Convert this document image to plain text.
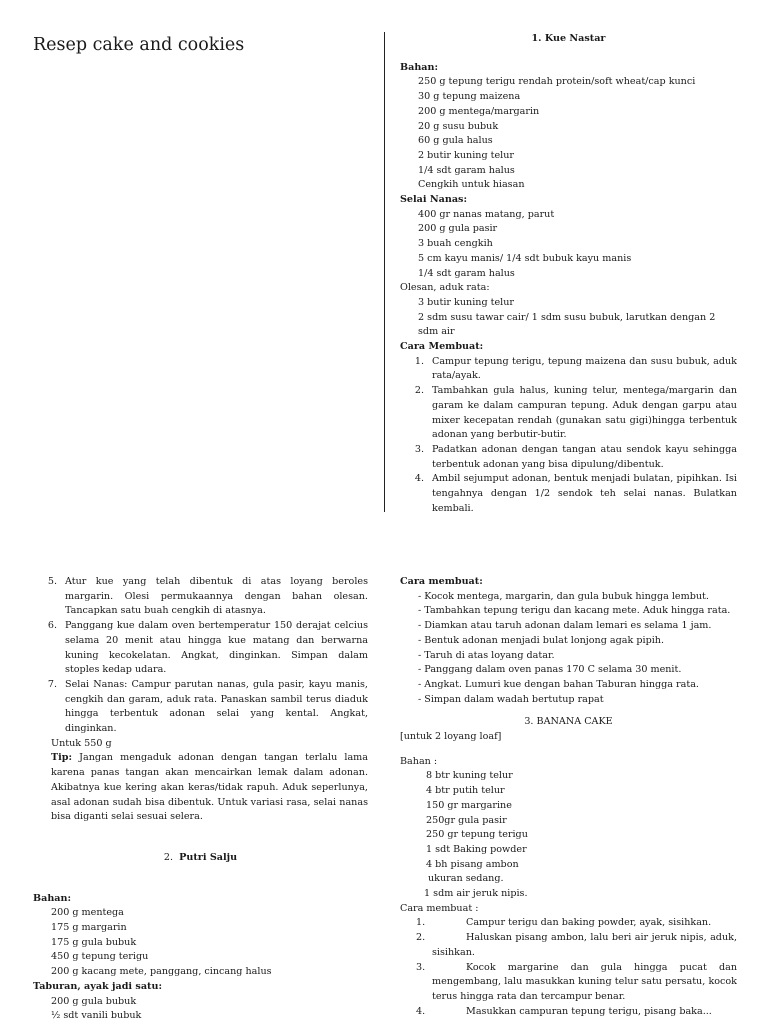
Resep cake and cookies	1. Kue Nastar

Bahan:

250 g tepung terigu rendah protein/soft wheat/cap kunci

30 g tepung maizena

200 g mentega/margarin

20 g susu bubuk

60 g gula halus

2 butir kuning telur

1/4 sdt garam halus

Cengkih untuk hiasan

Selai Nanas:

400 gr nanas matang, parut

200 g gula pasir

3 buah cengkih

5 cm kayu manis/ 1/4 sdt bubuk kayu manis

1/4 sdt garam halus

Olesan, aduk rata:

3 butir kuning telur

2 sdm susu tawar cair/ 1 sdm susu bubuk, larutkan dengan 2 sdm air

Cara Membuat:

1. Campur tepung terigu, tepung maizena dan susu bubuk, aduk rata/ayak.
2. Tambahkan gula halus, kuning telur, mentega/margarin dan garam ke dalam campuran tepung. Aduk dengan garpu atau mixer kecepatan rendah (gunakan satu gigi)hingga terbentuk adonan yang berbutir-butir.
3. Padatkan adonan dengan tangan atau sendok kayu sehingga terbentuk adonan yang bisa dipulung/dibentuk.
4. Ambil sejumput adonan, bentuk menjadi bulatan, pipihkan. Isi tengahnya dengan 1/2 sendok teh selai nanas. Bulatkan kembali.
5. Atur kue yang telah dibentuk di atas loyang beroles margarin. Olesi permukaannya dengan bahan olesan. Tancapkan satu buah cengkih di atasnya.
6. Panggang kue dalam oven bertemperatur 150 derajat celcius selama 20 menit atau hingga kue matang dan berwarna kuning kecokelatan. Angkat, dinginkan. Simpan dalam stoples kedap udara.
7. Selai Nanas: Campur parutan nanas, gula pasir, kayu manis, cengkih dan garam, aduk rata. Panaskan sambil terus diaduk hingga terbentuk adonan selai yang kental. Angkat, dinginkan.

Untuk 550 g

Tip: Jangan mengaduk adonan dengan tangan terlalu lama karena panas tangan akan mencairkan lemak dalam adonan. Akibatnya kue kering akan keras/tidak rapuh. Aduk seperlunya, asal adonan sudah bisa dibentuk. Untuk variasi rasa, selai nanas bisa diganti selai sesuai selera.

2. Putri Salju

Bahan:

200 g mentega

175 g margarin

175 g gula bubuk

450 g tepung terigu

200 g kacang mete, panggang, cincang halus

Taburan, ayak jadi satu:

200 g gula bubuk

½ sdt vanili bubuk

Cara membuat:

- Kocok mentega, margarin, dan gula bubuk hingga lembut.

- Tambahkan tepung terigu dan kacang mete. Aduk hingga rata.

- Diamkan atau taruh adonan dalam lemari es selama 1 jam.

- Bentuk adonan menjadi bulat lonjong agak pipih.

- Taruh di atas loyang datar.

- Panggang dalam oven panas 170 C selama 30 menit.

- Angkat. Lumuri kue dengan bahan Taburan hingga rata.

- Simpan dalam wadah bertutup rapat

3. BANANA CAKE

[untuk 2 loyang loaf]

Bahan :

8 btr kuning telur

4 btr putih telur

150 gr margarine

250gr gula pasir

250 gr tepung terigu

1 sdt Baking powder

4 bh pisang ambon

ukuran sedang.

1 sdm air jeruk nipis.

Cara membuat :

1.	Campur terigu dan baking powder, ayak, sisihkan.
2.	Haluskan pisang ambon, lalu beri air jeruk nipis, aduk, sisihkan.
3.	Kocok margarine dan gula hingga pucat dan mengembang, lalu masukkan kuning telur satu persatu, kocok terus hingga rata dan tercampur benar.
4.	Masukkan campuran tepung terigu, pisang baka...
